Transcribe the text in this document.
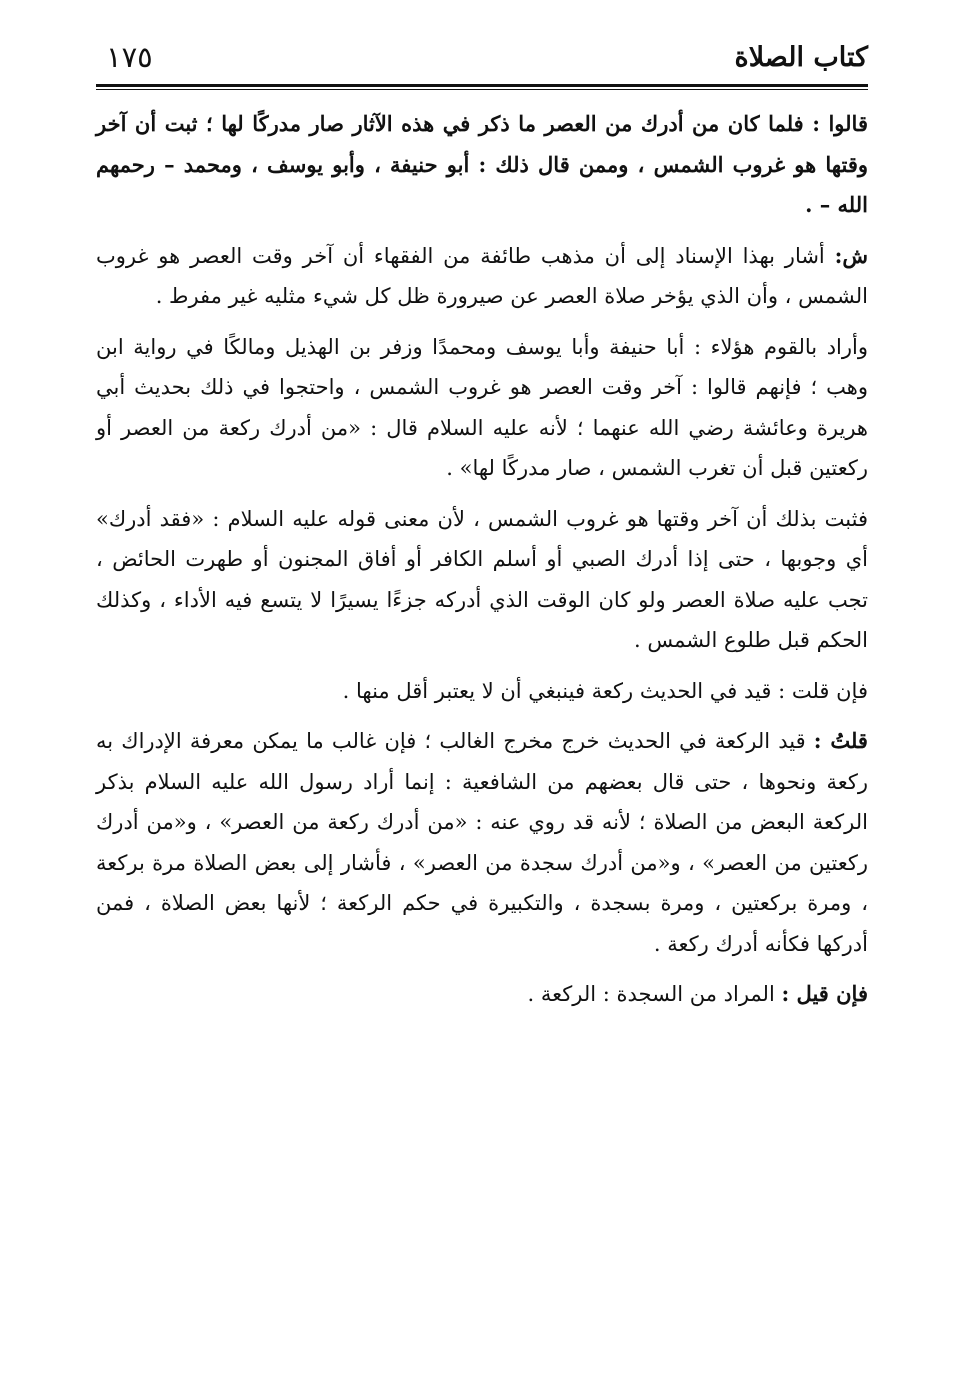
كتاب الصلاة
١٧٥

قالوا : فلما كان من أدرك من العصر ما ذكر في هذه الآثار صار مدركًا لها ؛ ثبت أن آخر وقتها هو غروب الشمس ، وممن قال ذلك : أبو حنيفة ، وأبو يوسف ، ومحمد – رحمهم الله – .

ش: أشار بهذا الإسناد إلى أن مذهب طائفة من الفقهاء أن آخر وقت العصر هو غروب الشمس ، وأن الذي يؤخر صلاة العصر عن صيرورة ظل كل شيء مثليه غير مفرط .

وأراد بالقوم هؤلاء : أبا حنيفة وأبا يوسف ومحمدًا وزفر بن الهذيل ومالكًا في رواية ابن وهب ؛ فإنهم قالوا : آخر وقت العصر هو غروب الشمس ، واحتجوا في ذلك بحديث أبي هريرة وعائشة رضي الله عنهما ؛ لأنه عليه السلام قال : «من أدرك ركعة من العصر أو ركعتين قبل أن تغرب الشمس ، صار مدركًا لها» .

فثبت بذلك أن آخر وقتها هو غروب الشمس ، لأن معنى قوله عليه السلام : «فقد أدرك» أي وجوبها ، حتى إذا أدرك الصبي أو أسلم الكافر أو أفاق المجنون أو طهرت الحائض ، تجب عليه صلاة العصر ولو كان الوقت الذي أدركه جزءًا يسيرًا لا يتسع فيه الأداء ، وكذلك الحكم قبل طلوع الشمس .

فإن قلت : قيد في الحديث ركعة فينبغي أن لا يعتبر أقل منها .

قلتُ : قيد الركعة في الحديث خرج مخرج الغالب ؛ فإن غالب ما يمكن معرفة الإدراك به ركعة ونحوها ، حتى قال بعضهم من الشافعية : إنما أراد رسول الله عليه السلام بذكر الركعة البعض من الصلاة ؛ لأنه قد روي عنه : «من أدرك ركعة من العصر» ، و«من أدرك ركعتين من العصر» ، و«من أدرك سجدة من العصر» ، فأشار إلى بعض الصلاة مرة بركعة ، ومرة بركعتين ، ومرة بسجدة ، والتكبيرة في حكم الركعة ؛ لأنها بعض الصلاة ، فمن أدركها فكأنه أدرك ركعة .

فإن قيل : المراد من السجدة : الركعة .
